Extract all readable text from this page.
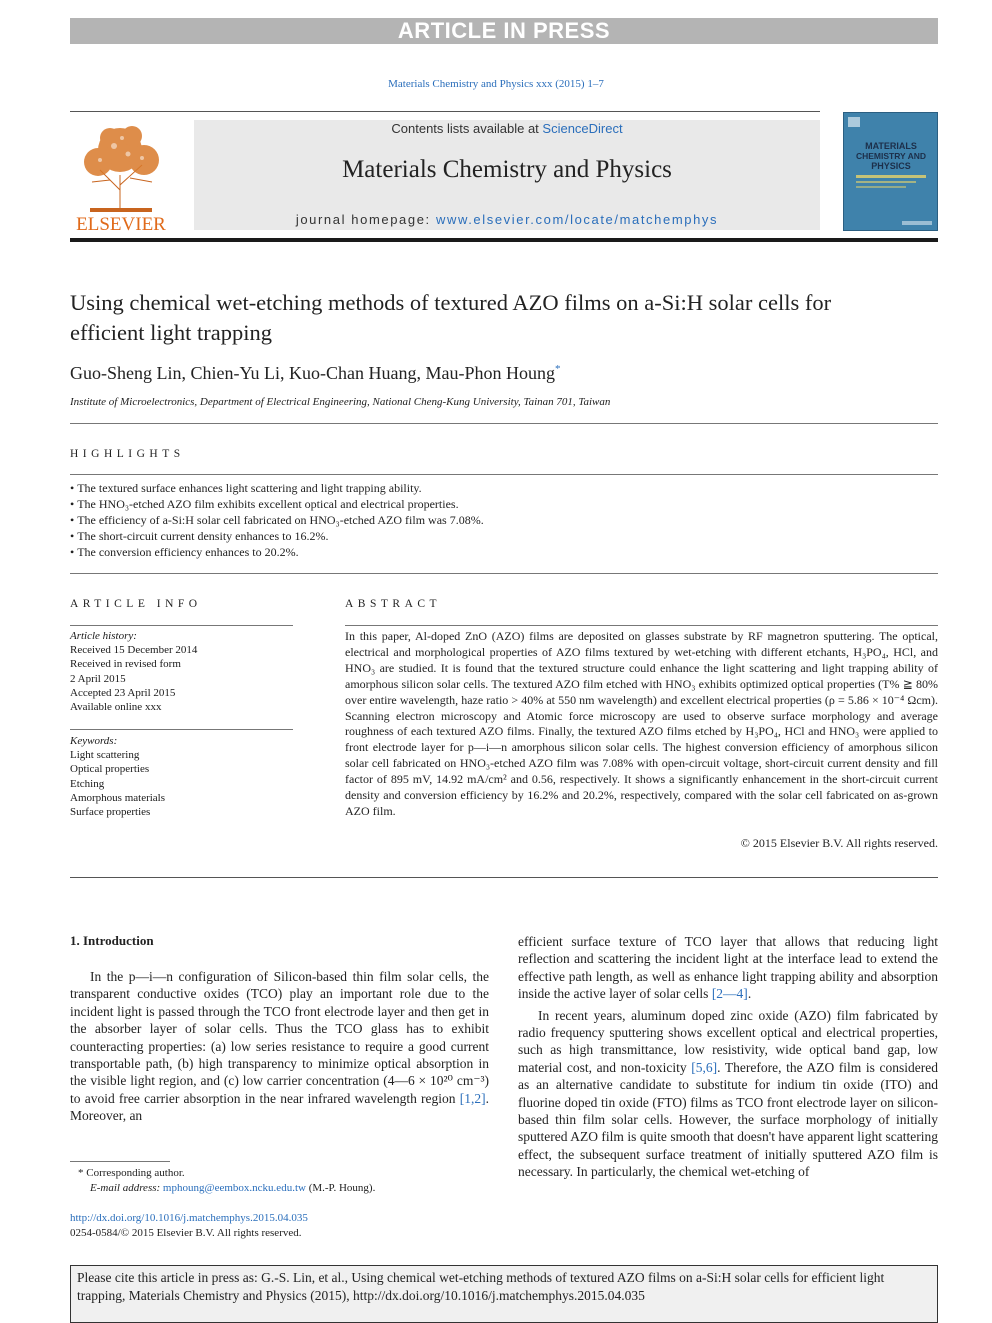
ARTICLE IN PRESS
Materials Chemistry and Physics xxx (2015) 1–7
ELSEVIER
Contents lists available at ScienceDirect
Materials Chemistry and Physics
journal homepage: www.elsevier.com/locate/matchemphys
MATERIALS
CHEMISTRY AND
PHYSICS
Using chemical wet-etching methods of textured AZO films on a-Si:H solar cells for efficient light trapping
Guo-Sheng Lin, Chien-Yu Li, Kuo-Chan Huang, Mau-Phon Houng*
Institute of Microelectronics, Department of Electrical Engineering, National Cheng-Kung University, Tainan 701, Taiwan
HIGHLIGHTS
• The textured surface enhances light scattering and light trapping ability.
• The HNO₃-etched AZO film exhibits excellent optical and electrical properties.
• The efficiency of a-Si:H solar cell fabricated on HNO₃-etched AZO film was 7.08%.
• The short-circuit current density enhances to 16.2%.
• The conversion efficiency enhances to 20.2%.
ARTICLE INFO
Article history:
Received 15 December 2014
Received in revised form
2 April 2015
Accepted 23 April 2015
Available online xxx
Keywords:
Light scattering
Optical properties
Etching
Amorphous materials
Surface properties
ABSTRACT
In this paper, Al-doped ZnO (AZO) films are deposited on glasses substrate by RF magnetron sputtering. The optical, electrical and morphological properties of AZO films textured by wet-etching with different etchants, H₃PO₄, HCl, and HNO₃ are studied. It is found that the textured structure could enhance the light scattering and light trapping ability of amorphous silicon solar cells. The textured AZO film etched with HNO₃ exhibits optimized optical properties (T% ≧ 80% over entire wavelength, haze ratio > 40% at 550 nm wavelength) and excellent electrical properties (ρ = 5.86 × 10⁻⁴ Ωcm). Scanning electron microscopy and Atomic force microscopy are used to observe surface morphology and average roughness of each textured AZO films. Finally, the textured AZO films etched by H₃PO₄, HCl and HNO₃ were applied to front electrode layer for p—i—n amorphous silicon solar cells. The highest conversion efficiency of amorphous silicon solar cell fabricated on HNO₃-etched AZO film was 7.08% with open-circuit voltage, short-circuit current density and fill factor of 895 mV, 14.92 mA/cm² and 0.56, respectively. It shows a significantly enhancement in the short-circuit current density and conversion efficiency by 16.2% and 20.2%, respectively, compared with the solar cell fabricated on as-grown AZO film.
© 2015 Elsevier B.V. All rights reserved.
1. Introduction

In the p—i—n configuration of Silicon-based thin film solar cells, the transparent conductive oxides (TCO) play an important role due to the incident light is passed through the TCO front electrode layer and then get in the absorber layer of solar cells. Thus the TCO glass has to exhibit counteracting properties: (a) low series resistance to require a good current transportable path, (b) high transparency to minimize optical absorption in the visible light region, and (c) low carrier concentration (4—6 × 10²⁰ cm⁻³) to avoid free carrier absorption in the near infrared wavelength region [1,2]. Moreover, an

efficient surface texture of TCO layer that allows that reducing light reflection and scattering the incident light at the interface lead to extend the effective path length, as well as enhance light trapping ability and absorption inside the active layer of solar cells [2—4].

In recent years, aluminum doped zinc oxide (AZO) film fabricated by radio frequency sputtering shows excellent optical and electrical properties, such as high transmittance, low resistivity, wide optical band gap, low material cost, and non-toxicity [5,6]. Therefore, the AZO film is considered as an alternative candidate to substitute for indium tin oxide (ITO) and fluorine doped tin oxide (FTO) films as TCO front electrode layer on silicon-based thin film solar cells. However, the surface morphology of initially sputtered AZO film is quite smooth that doesn't have apparent light scattering effect, the subsequent surface treatment of initially sputtered AZO film is necessary. In particularly, the chemical wet-etching of

* Corresponding author.
E-mail address: mphoung@eembox.ncku.edu.tw (M.-P. Houng).
http://dx.doi.org/10.1016/j.matchemphys.2015.04.035
0254-0584/© 2015 Elsevier B.V. All rights reserved.
Please cite this article in press as: G.-S. Lin, et al., Using chemical wet-etching methods of textured AZO films on a-Si:H solar cells for efficient light trapping, Materials Chemistry and Physics (2015), http://dx.doi.org/10.1016/j.matchemphys.2015.04.035
